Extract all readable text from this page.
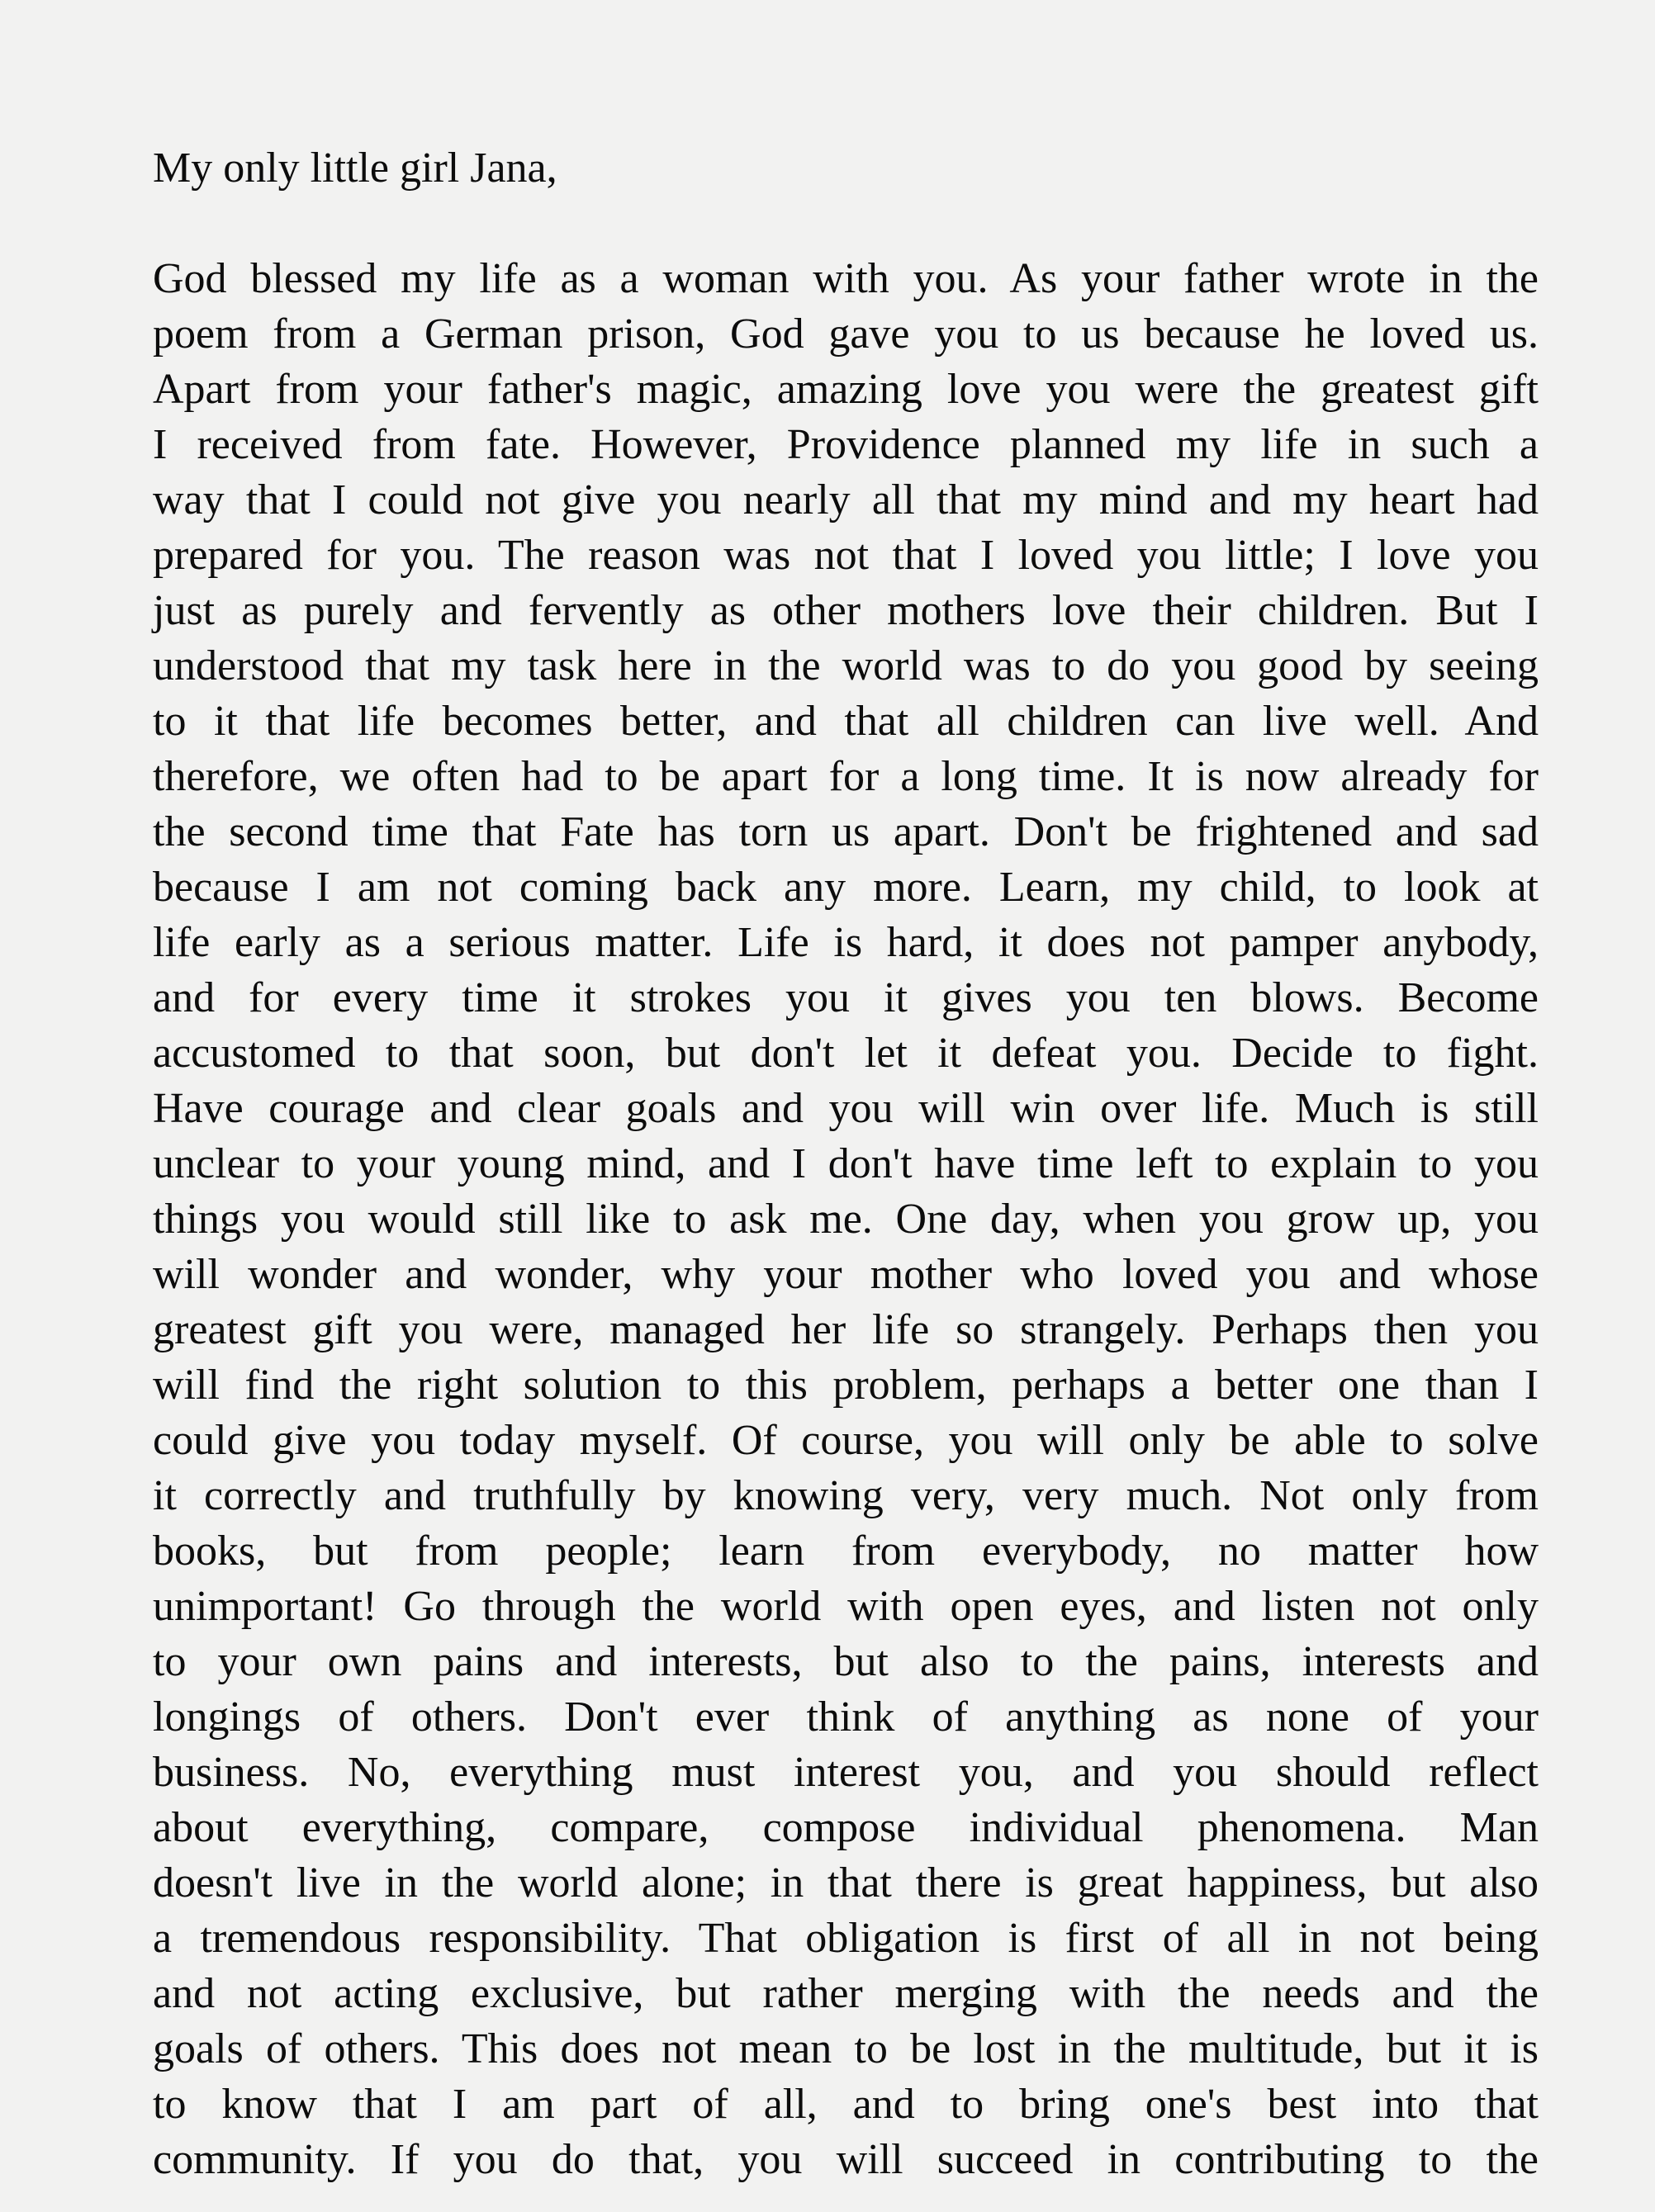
My only little girl Jana,
God blessed my life as a woman with you. As your father wrote in the
poem from a German prison, God gave you to us because he loved us.
Apart from your father's magic, amazing love you were the greatest gift
I received from fate. However, Providence planned my life in such a
way that I could not give you nearly all that my mind and my heart had
prepared for you. The reason was not that I loved you little; I love you
just as purely and fervently as other mothers love their children. But I
understood that my task here in the world was to do you good by seeing
to it that life becomes better, and that all children can live well. And
therefore, we often had to be apart for a long time. It is now already for
the second time that Fate has torn us apart. Don't be frightened and sad
because I am not coming back any more. Learn, my child, to look at
life early as a serious matter. Life is hard, it does not pamper anybody,
and for every time it strokes you it gives you ten blows. Become
accustomed to that soon, but don't let it defeat you. Decide to fight.
Have courage and clear goals and you will win over life. Much is still
unclear to your young mind, and I don't have time left to explain to you
things you would still like to ask me. One day, when you grow up, you
will wonder and wonder, why your mother who loved you and whose
greatest gift you were, managed her life so strangely. Perhaps then you
will find the right solution to this problem, perhaps a better one than I
could give you today myself. Of course, you will only be able to solve
it correctly and truthfully by knowing very, very much. Not only from
books, but from people; learn from everybody, no matter how
unimportant! Go through the world with open eyes, and listen not only
to your own pains and interests, but also to the pains, interests and
longings of others. Don't ever think of anything as none of your
business. No, everything must interest you, and you should reflect
about everything, compare, compose individual phenomena. Man
doesn't live in the world alone; in that there is great happiness, but also
a tremendous responsibility. That obligation is first of all in not being
and not acting exclusive, but rather merging with the needs and the
goals of others. This does not mean to be lost in the multitude, but it is
to know that I am part of all, and to bring one's best into that
community. If you do that, you will succeed in contributing to the
